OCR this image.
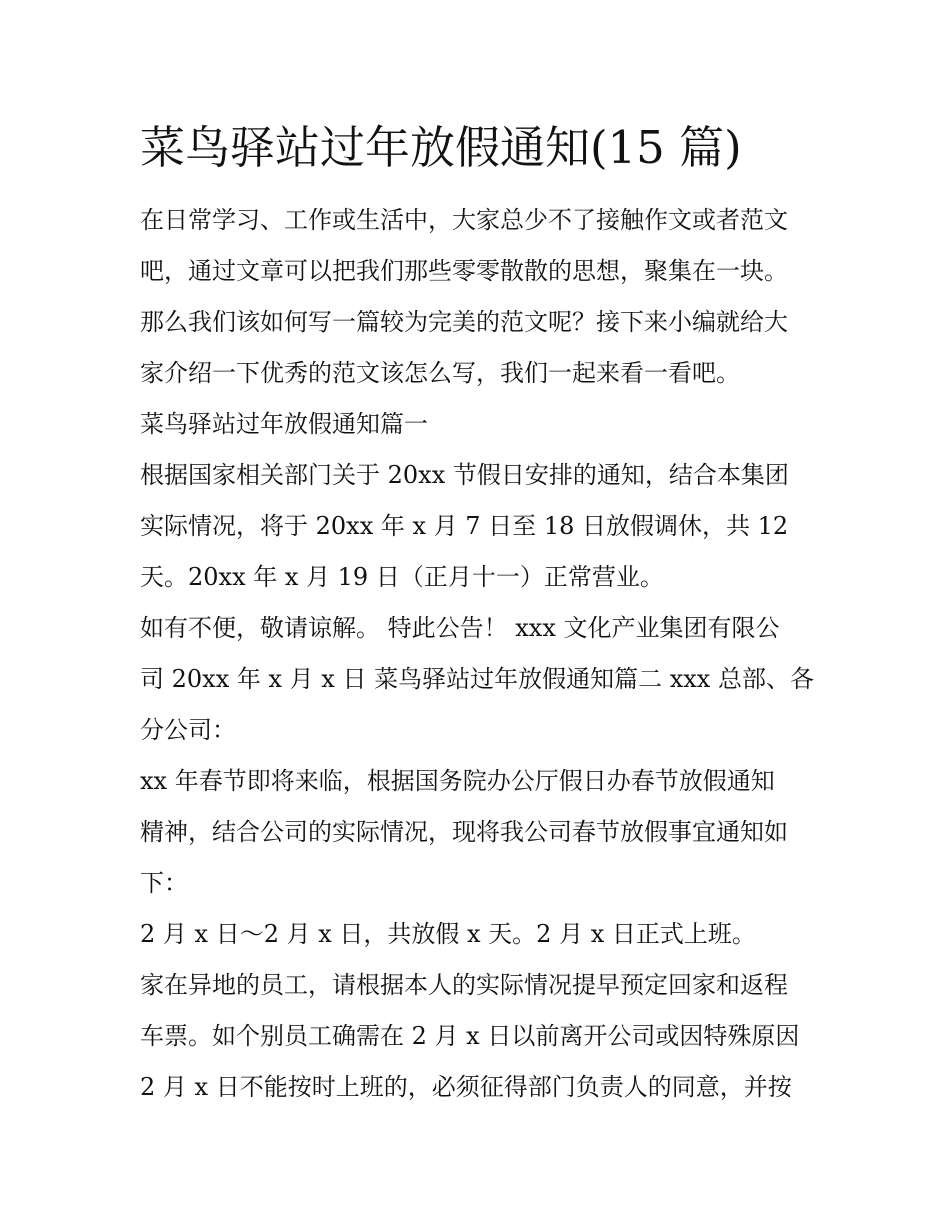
菜鸟驿站过年放假通知(15 篇)
在日常学习、工作或生活中，大家总少不了接触作文或者范文
吧，通过文章可以把我们那些零零散散的思想，聚集在一块。
那么我们该如何写一篇较为完美的范文呢？接下来小编就给大
家介绍一下优秀的范文该怎么写，我们一起来看一看吧。
菜鸟驿站过年放假通知篇一
根据国家相关部门关于 20xx 节假日安排的通知，结合本集团
实际情况，将于 20xx 年 x 月 7 日至 18 日放假调休，共 12
天。20xx 年 x 月 19 日（正月十一）正常营业。
如有不便，敬请谅解。 特此公告！ xxx 文化产业集团有限公
司 20xx 年 x 月 x 日 菜鸟驿站过年放假通知篇二 xxx 总部、各
分公司：
xx 年春节即将来临，根据国务院办公厅假日办春节放假通知
精神，结合公司的实际情况，现将我公司春节放假事宜通知如
下：
2 月 x 日～2 月 x 日，共放假 x 天。2 月 x 日正式上班。
家在异地的员工，请根据本人的实际情况提早预定回家和返程
车票。如个别员工确需在 2 月 x 日以前离开公司或因特殊原因
2 月 x 日不能按时上班的，必须征得部门负责人的同意，并按
